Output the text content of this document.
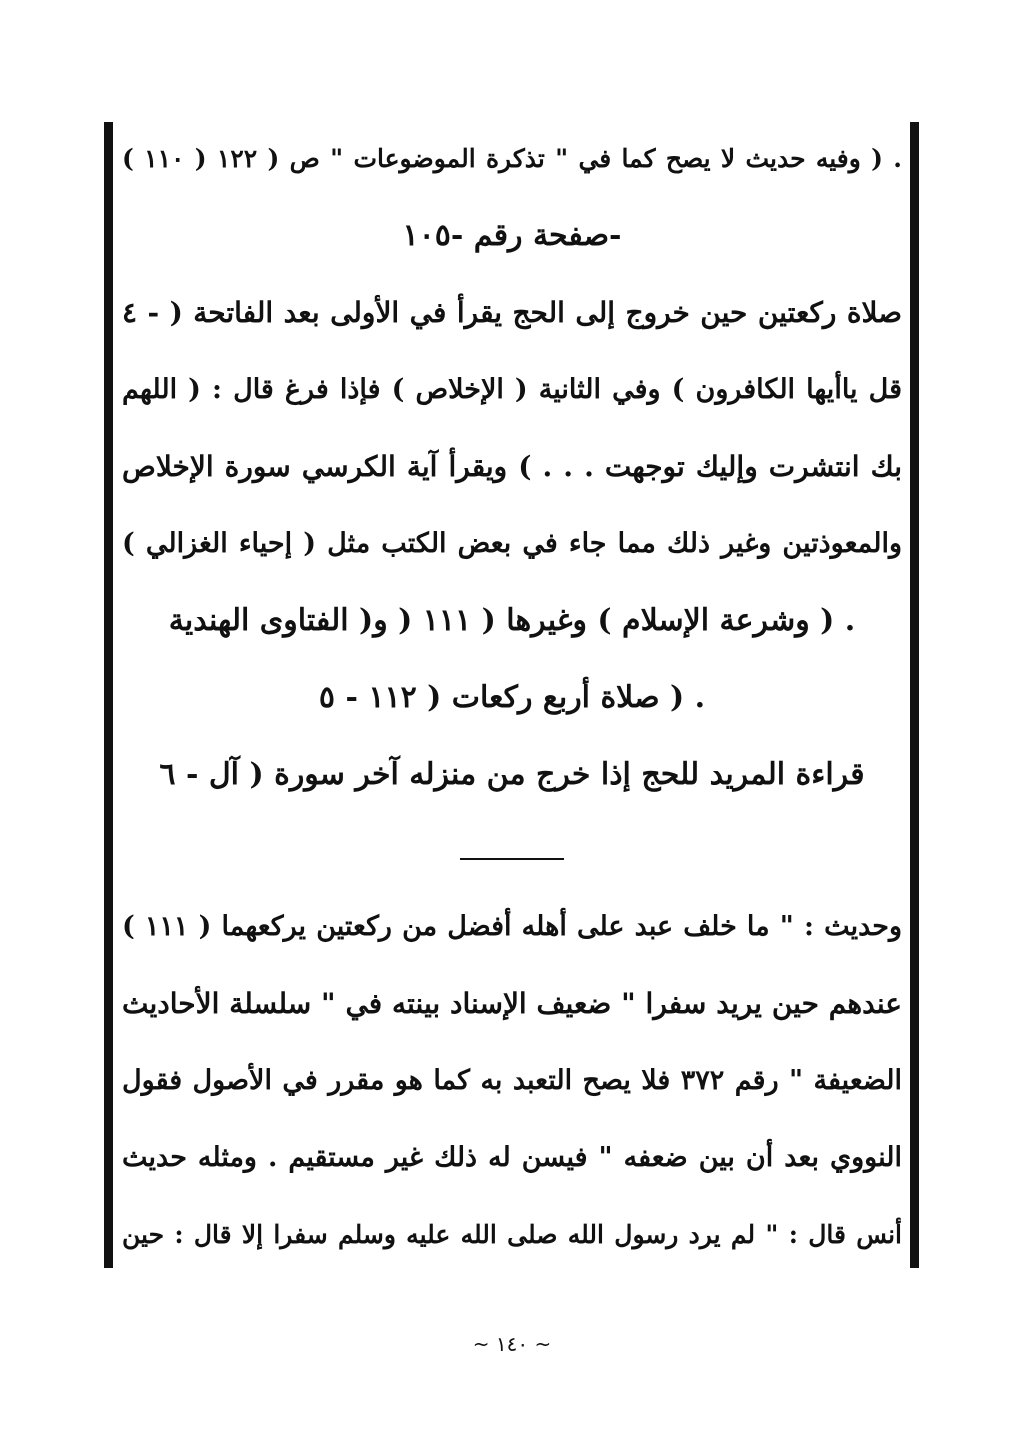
. ( وفيه حديث لا يصح كما في " تذكرة الموضوعات " ص ( ١٢٢ ( ١١٠ )
-صفحة رقم -١٠٥
صلاة ركعتين حين خروج إلى الحج يقرأ في الأولى بعد الفاتحة ( - ٤
قل ياأيها الكافرون ) وفي الثانية ( الإخلاص ) فإذا فرغ قال : ( اللهم
بك انتشرت وإليك توجهت . . . ) ويقرأ آية الكرسي سورة الإخلاص
والمعوذتين وغير ذلك مما جاء في بعض الكتب مثل ( إحياء الغزالي )
. ( وشرعة الإسلام ) وغيرها ( ١١١ ( و( الفتاوى الهندية
. ( صلاة أربع ركعات ( ١١٢ - ٥
قراءة المريد للحج إذا خرج من منزله آخر سورة ( آل - ٦
وحديث : " ما خلف عبد على أهله أفضل من ركعتين يركعهما ( ١١١ )
عندهم حين يريد سفرا " ضعيف الإسناد بينته في " سلسلة الأحاديث
الضعيفة " رقم ٣٧٢ فلا يصح التعبد به كما هو مقرر في الأصول فقول
النووي بعد أن بين ضعفه " فيسن له ذلك غير مستقيم . ومثله حديث
أنس قال : " لم يرد رسول الله صلى الله عليه وسلم سفرا إلا قال : حين
~ ١٤٠ ~
